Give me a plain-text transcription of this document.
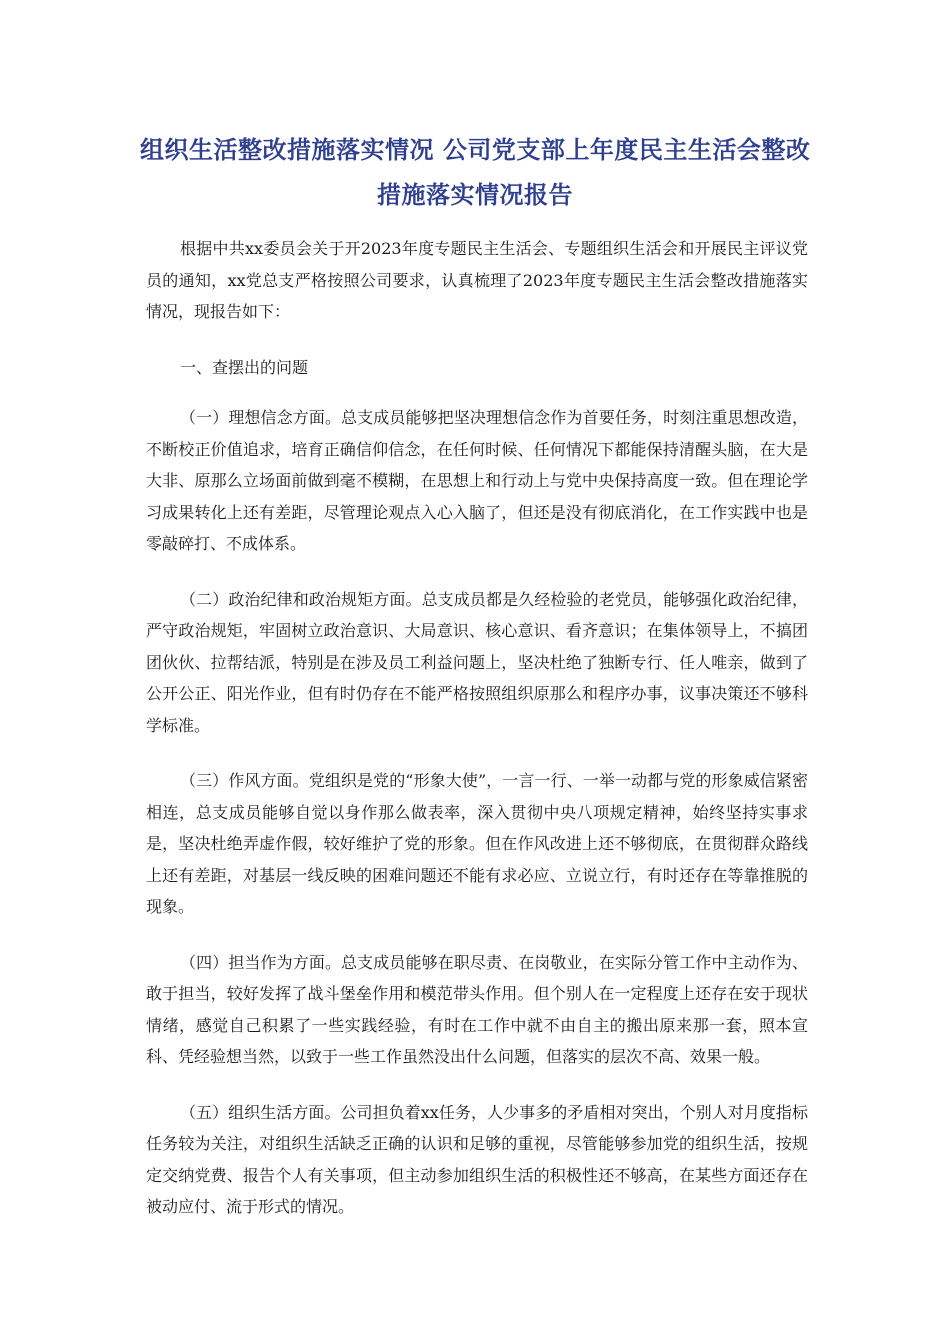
组织生活整改措施落实情况 公司党支部上年度民主生活会整改
措施落实情况报告

根据中共xx委员会关于开2023年度专题民主生活会、专题组织生活会和开展民主评议党员的通知，xx党总支严格按照公司要求，认真梳理了2023年度专题民主生活会整改措施落实情况，现报告如下：

一、查摆出的问题

（一）理想信念方面。总支成员能够把坚决理想信念作为首要任务，时刻注重思想改造，不断校正价值追求，培育正确信仰信念，在任何时候、任何情况下都能保持清醒头脑，在大是大非、原那么立场面前做到毫不模糊，在思想上和行动上与党中央保持高度一致。但在理论学习成果转化上还有差距，尽管理论观点入心入脑了，但还是没有彻底消化，在工作实践中也是零敲碎打、不成体系。

（二）政治纪律和政治规矩方面。总支成员都是久经检验的老党员，能够强化政治纪律，严守政治规矩，牢固树立政治意识、大局意识、核心意识、看齐意识；在集体领导上，不搞团团伙伙、拉帮结派，特别是在涉及员工利益问题上，坚决杜绝了独断专行、任人唯亲，做到了公开公正、阳光作业，但有时仍存在不能严格按照组织原那么和程序办事，议事决策还不够科学标准。

（三）作风方面。党组织是党的“形象大使”，一言一行、一举一动都与党的形象威信紧密相连，总支成员能够自觉以身作那么做表率，深入贯彻中央八项规定精神，始终坚持实事求是，坚决杜绝弄虚作假，较好维护了党的形象。但在作风改进上还不够彻底，在贯彻群众路线上还有差距，对基层一线反映的困难问题还不能有求必应、立说立行，有时还存在等靠推脱的现象。

（四）担当作为方面。总支成员能够在职尽责、在岗敬业，在实际分管工作中主动作为、敢于担当，较好发挥了战斗堡垒作用和模范带头作用。但个别人在一定程度上还存在安于现状情绪，感觉自己积累了一些实践经验，有时在工作中就不由自主的搬出原来那一套，照本宣科、凭经验想当然，以致于一些工作虽然没出什么问题，但落实的层次不高、效果一般。

（五）组织生活方面。公司担负着xx任务，人少事多的矛盾相对突出，个别人对月度指标任务较为关注，对组织生活缺乏正确的认识和足够的重视，尽管能够参加党的组织生活，按规定交纳党费、报告个人有关事项，但主动参加组织生活的积极性还不够高，在某些方面还存在被动应付、流于形式的情况。
